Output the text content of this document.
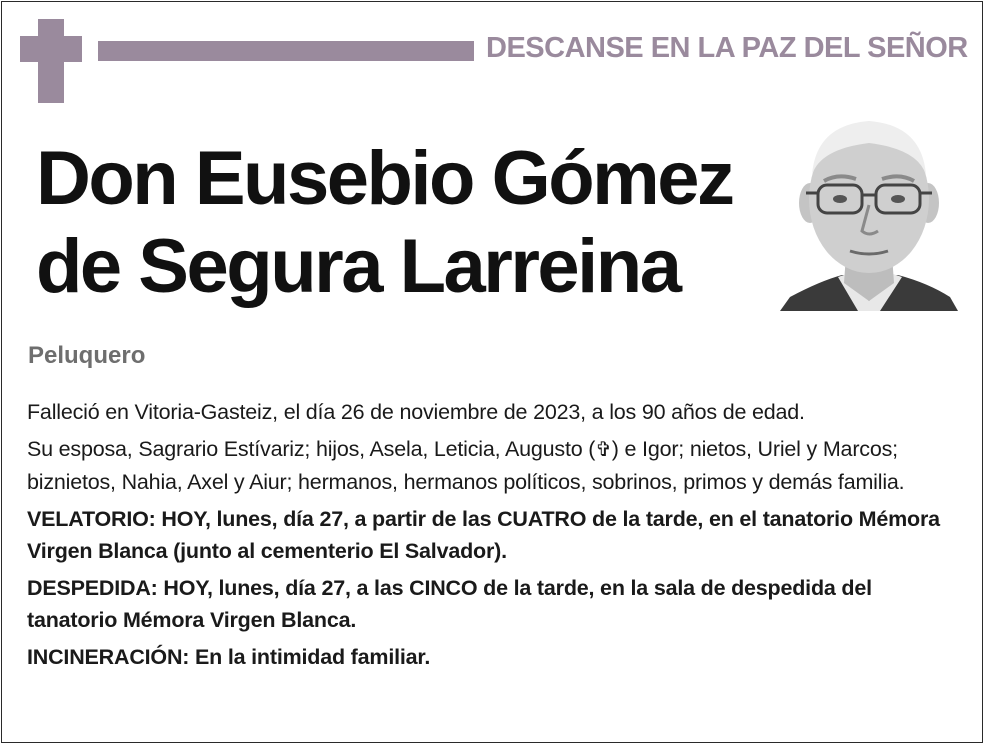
DESCANSE EN LA PAZ DEL SEÑOR
Don Eusebio Gómez
de Segura Larreina
Peluquero

Falleció en Vitoria-Gasteiz, el día 26 de noviembre de 2023, a los 90 años de edad.

Su esposa, Sagrario Estívariz; hijos, Asela, Leticia, Augusto (✞) e Igor; nietos, Uriel y Marcos; biznietos, Nahia, Axel y Aiur; hermanos, hermanos políticos, sobrinos, primos y demás familia.

VELATORIO: HOY, lunes, día 27, a partir de las CUATRO de la tarde, en el tanatorio Mémora Virgen Blanca (junto al cementerio El Salvador).

DESPEDIDA: HOY, lunes, día 27, a las CINCO de la tarde, en la sala de despedida del tanatorio Mémora Virgen Blanca.

INCINERACIÓN: En la intimidad familiar.
